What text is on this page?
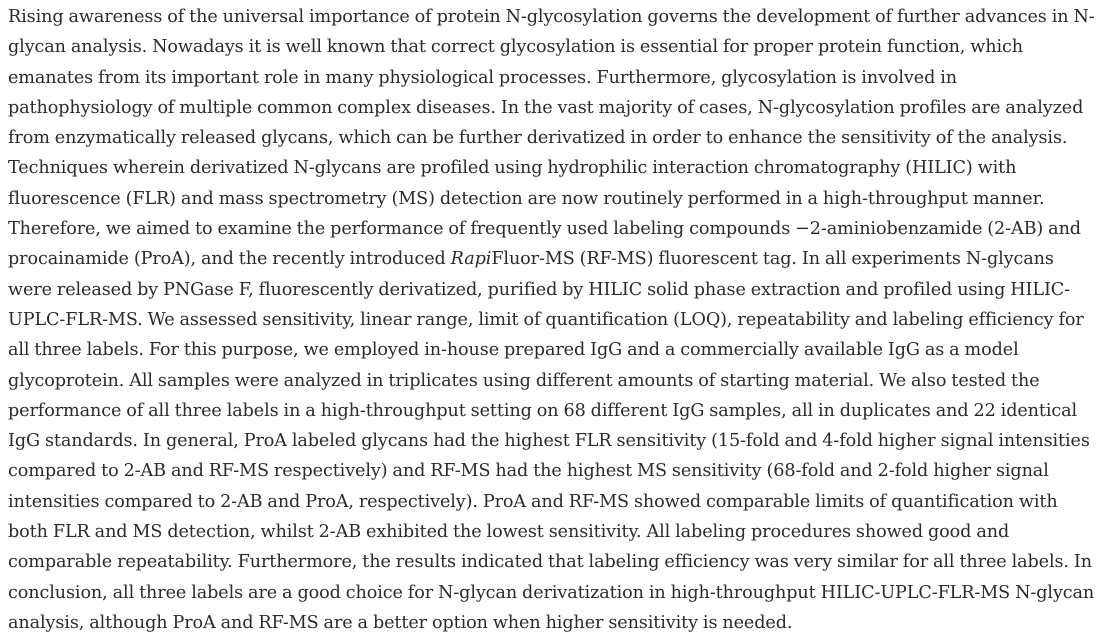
Rising awareness of the universal importance of protein N-glycosylation governs the development of further advances in N-glycan analysis. Nowadays it is well known that correct glycosylation is essential for proper protein function, which emanates from its important role in many physiological processes. Furthermore, glycosylation is involved in pathophysiology of multiple common complex diseases. In the vast majority of cases, N-glycosylation profiles are analyzed from enzymatically released glycans, which can be further derivatized in order to enhance the sensitivity of the analysis. Techniques wherein derivatized N-glycans are profiled using hydrophilic interaction chromatography (HILIC) with fluorescence (FLR) and mass spectrometry (MS) detection are now routinely performed in a high-throughput manner. Therefore, we aimed to examine the performance of frequently used labeling compounds −2-aminiobenzamide (2-AB) and procainamide (ProA), and the recently introduced RapiFluor-MS (RF-MS) fluorescent tag. In all experiments N-glycans were released by PNGase F, fluorescently derivatized, purified by HILIC solid phase extraction and profiled using HILIC-UPLC-FLR-MS. We assessed sensitivity, linear range, limit of quantification (LOQ), repeatability and labeling efficiency for all three labels. For this purpose, we employed in-house prepared IgG and a commercially available IgG as a model glycoprotein. All samples were analyzed in triplicates using different amounts of starting material. We also tested the performance of all three labels in a high-throughput setting on 68 different IgG samples, all in duplicates and 22 identical IgG standards. In general, ProA labeled glycans had the highest FLR sensitivity (15-fold and 4-fold higher signal intensities compared to 2-AB and RF-MS respectively) and RF-MS had the highest MS sensitivity (68-fold and 2-fold higher signal intensities compared to 2-AB and ProA, respectively). ProA and RF-MS showed comparable limits of quantification with both FLR and MS detection, whilst 2-AB exhibited the lowest sensitivity. All labeling procedures showed good and comparable repeatability. Furthermore, the results indicated that labeling efficiency was very similar for all three labels. In conclusion, all three labels are a good choice for N-glycan derivatization in high-throughput HILIC-UPLC-FLR-MS N-glycan analysis, although ProA and RF-MS are a better option when higher sensitivity is needed.
